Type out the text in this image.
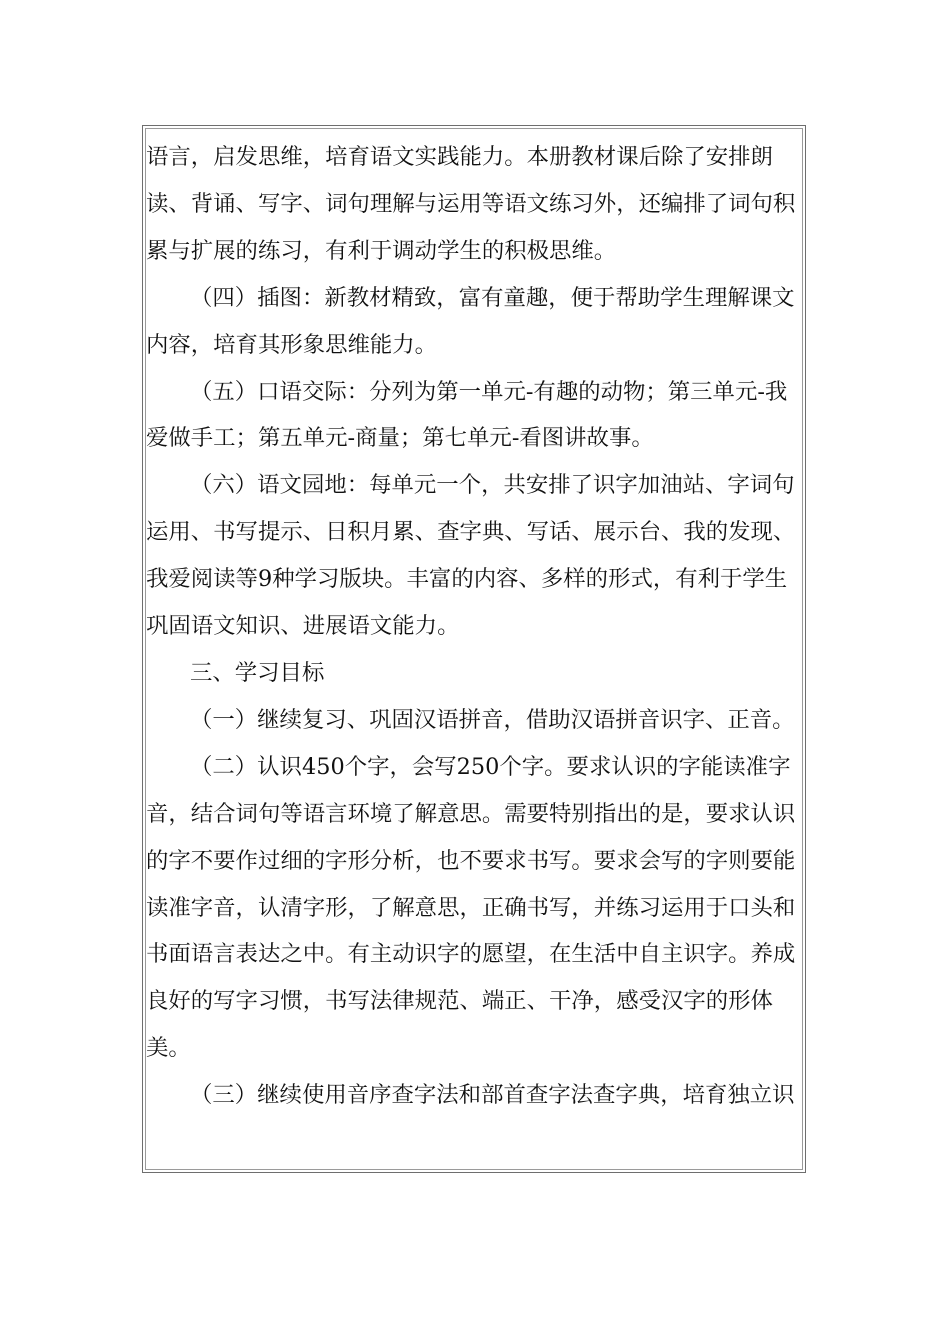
语言，启发思维，培育语文实践能力。本册教材课后除了安排朗

读、背诵、写字、词句理解与运用等语文练习外，还编排了词句积

累与扩展的练习，有利于调动学生的积极思维。

（四）插图：新教材精致，富有童趣，便于帮助学生理解课文

内容，培育其形象思维能力。

（五）口语交际：分列为第一单元-有趣的动物；第三单元-我

爱做手工；第五单元-商量；第七单元-看图讲故事。

（六）语文园地：每单元一个，共安排了识字加油站、字词句

运用、书写提示、日积月累、查字典、写话、展示台、我的发现、

我爱阅读等9种学习版块。丰富的内容、多样的形式，有利于学生

巩固语文知识、进展语文能力。

三、学习目标

（一）继续复习、巩固汉语拼音，借助汉语拼音识字、正音。

（二）认识450个字，会写250个字。要求认识的字能读准字

音，结合词句等语言环境了解意思。需要特别指出的是，要求认识

的字不要作过细的字形分析，也不要求书写。要求会写的字则要能

读准字音，认清字形，了解意思，正确书写，并练习运用于口头和

书面语言表达之中。有主动识字的愿望，在生活中自主识字。养成

良好的写字习惯，书写法律规范、端正、干净，感受汉字的形体

美。

（三）继续使用音序查字法和部首查字法查字典，培育独立识
